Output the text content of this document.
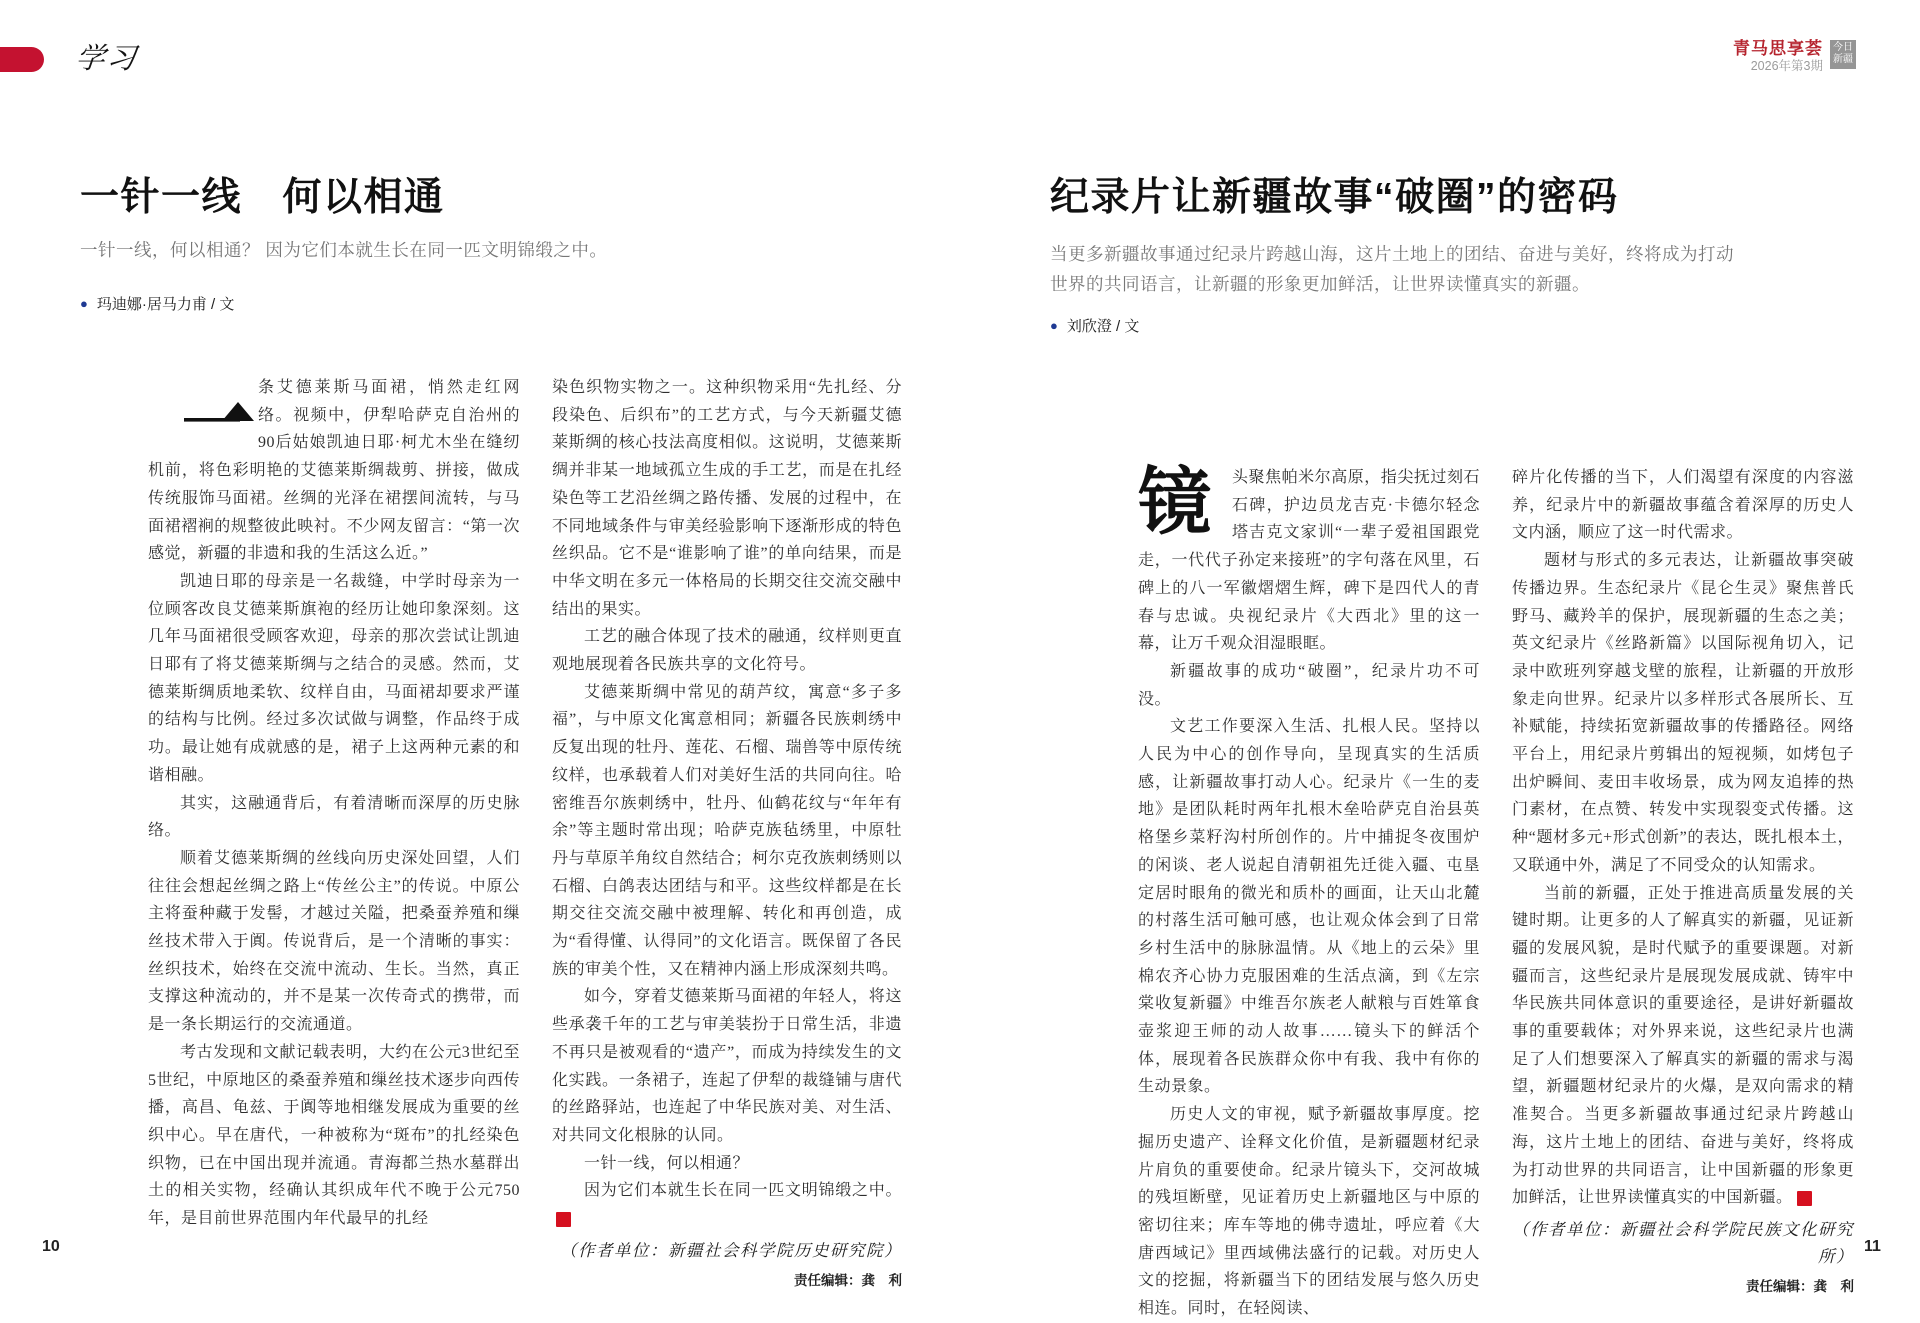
学习	青马思享荟
2026年第3期
今日
新疆
一针一线　何以相通
一针一线，何以相通？ 因为它们本就生长在同一匹文明锦缎之中。
● 玛迪娜·居马力甫 / 文

条艾德莱斯马面裙，悄然走红网络。视频中，伊犁哈萨克自治州的90后姑娘凯迪日耶·柯尤木坐在缝纫机前，将色彩明艳的艾德莱斯绸裁剪、拼接，做成传统服饰马面裙。丝绸的光泽在裙摆间流转，与马面裙褶裥的规整彼此映衬。不少网友留言：“第一次感觉，新疆的非遗和我的生活这么近。”

凯迪日耶的母亲是一名裁缝，中学时母亲为一位顾客改良艾德莱斯旗袍的经历让她印象深刻。这几年马面裙很受顾客欢迎，母亲的那次尝试让凯迪日耶有了将艾德莱斯绸与之结合的灵感。然而，艾德莱斯绸质地柔软、纹样自由，马面裙却要求严谨的结构与比例。经过多次试做与调整，作品终于成功。最让她有成就感的是，裙子上这两种元素的和谐相融。

其实，这融通背后，有着清晰而深厚的历史脉络。

顺着艾德莱斯绸的丝线向历史深处回望，人们往往会想起丝绸之路上“传丝公主”的传说。中原公主将蚕种藏于发髻，才越过关隘，把桑蚕养殖和缫丝技术带入于阗。传说背后，是一个清晰的事实：丝织技术，始终在交流中流动、生长。当然，真正支撑这种流动的，并不是某一次传奇式的携带，而是一条长期运行的交流通道。

考古发现和文献记载表明，大约在公元3世纪至5世纪，中原地区的桑蚕养殖和缫丝技术逐步向西传播，高昌、龟兹、于阗等地相继发展成为重要的丝织中心。早在唐代，一种被称为“斑布”的扎经染色织物，已在中国出现并流通。青海都兰热水墓群出土的相关实物，经确认其织成年代不晚于公元750年，是目前世界范围内年代最早的扎经

染色织物实物之一。这种织物采用“先扎经、分段染色、后织布”的工艺方式，与今天新疆艾德莱斯绸的核心技法高度相似。这说明，艾德莱斯绸并非某一地域孤立生成的手工艺，而是在扎经染色等工艺沿丝绸之路传播、发展的过程中，在不同地域条件与审美经验影响下逐渐形成的特色丝织品。它不是“谁影响了谁”的单向结果，而是中华文明在多元一体格局的长期交往交流交融中结出的果实。

工艺的融合体现了技术的融通，纹样则更直观地展现着各民族共享的文化符号。

艾德莱斯绸中常见的葫芦纹，寓意“多子多福”，与中原文化寓意相同；新疆各民族刺绣中反复出现的牡丹、莲花、石榴、瑞兽等中原传统纹样，也承载着人们对美好生活的共同向往。哈密维吾尔族刺绣中，牡丹、仙鹤花纹与“年年有余”等主题时常出现；哈萨克族毡绣里，中原牡丹与草原羊角纹自然结合；柯尔克孜族刺绣则以石榴、白鸽表达团结与和平。这些纹样都是在长期交往交流交融中被理解、转化和再创造，成为“看得懂、认得同”的文化语言。既保留了各民族的审美个性，又在精神内涵上形成深刻共鸣。

如今，穿着艾德莱斯马面裙的年轻人，将这些承袭千年的工艺与审美装扮于日常生活，非遗不再只是被观看的“遗产”，而成为持续发生的文化实践。一条裙子，连起了伊犁的裁缝铺与唐代的丝路驿站，也连起了中华民族对美、对生活、对共同文化根脉的认同。

一针一线，何以相通？

因为它们本就生长在同一匹文明锦缎之中。J

（作者单位：新疆社会科学院历史研究院）
责任编辑：龚　利
10
纪录片让新疆故事“破圈”的密码
当更多新疆故事通过纪录片跨越山海，这片土地上的团结、奋进与美好，终将成为打动
世界的共同语言，让新疆的形象更加鲜活，让世界读懂真实的新疆。
● 刘欣澄 / 文
镜	头聚焦帕米尔高原，指尖抚过刻石石碑，护边员龙吉克·卡德尔轻念塔吉克文家训“一辈子爱祖国跟党走，一代代子孙定来接班”的字句落在风里，石碑上的八一军徽熠熠生辉，碑下是四代人的青春与忠诚。央视纪录片《大西北》里的这一幕，让万千观众泪湿眼眶。

新疆故事的成功“破圈”，纪录片功不可没。

文艺工作要深入生活、扎根人民。坚持以人民为中心的创作导向，呈现真实的生活质感，让新疆故事打动人心。纪录片《一生的麦地》是团队耗时两年扎根木垒哈萨克自治县英格堡乡菜籽沟村所创作的。片中捕捉冬夜围炉的闲谈、老人说起自清朝祖先迁徙入疆、屯垦定居时眼角的微光和质朴的画面，让天山北麓的村落生活可触可感，也让观众体会到了日常乡村生活中的脉脉温情。从《地上的云朵》里棉农齐心协力克服困难的生活点滴，到《左宗棠收复新疆》中维吾尔族老人献粮与百姓箪食壶浆迎王师的动人故事……镜头下的鲜活个体，展现着各民族群众你中有我、我中有你的生动景象。

历史人文的审视，赋予新疆故事厚度。挖掘历史遗产、诠释文化价值，是新疆题材纪录片肩负的重要使命。纪录片镜头下，交河故城的残垣断壁，见证着历史上新疆地区与中原的密切往来；库车等地的佛寺遗址，呼应着《大唐西域记》里西域佛法盛行的记载。对历史人文的挖掘，将新疆当下的团结发展与悠久历史相连。同时，在轻阅读、

碎片化传播的当下，人们渴望有深度的内容滋养，纪录片中的新疆故事蕴含着深厚的历史人文内涵，顺应了这一时代需求。

题材与形式的多元表达，让新疆故事突破传播边界。生态纪录片《昆仑生灵》聚焦普氏野马、藏羚羊的保护，展现新疆的生态之美；英文纪录片《丝路新篇》以国际视角切入，记录中欧班列穿越戈壁的旅程，让新疆的开放形象走向世界。纪录片以多样形式各展所长、互补赋能，持续拓宽新疆故事的传播路径。网络平台上，用纪录片剪辑出的短视频，如烤包子出炉瞬间、麦田丰收场景，成为网友追捧的热门素材，在点赞、转发中实现裂变式传播。这种“题材多元+形式创新”的表达，既扎根本土，又联通中外，满足了不同受众的认知需求。

当前的新疆，正处于推进高质量发展的关键时期。让更多的人了解真实的新疆，见证新疆的发展风貌，是时代赋予的重要课题。对新疆而言，这些纪录片是展现发展成就、铸牢中华民族共同体意识的重要途径，是讲好新疆故事的重要载体；对外界来说，这些纪录片也满足了人们想要深入了解真实的新疆的需求与渴望，新疆题材纪录片的火爆，是双向需求的精准契合。当更多新疆故事通过纪录片跨越山海，这片土地上的团结、奋进与美好，终将成为打动世界的共同语言，让中国新疆的形象更加鲜活，让世界读懂真实的中国新疆。	J

（作者单位：新疆社会科学院民族文化研究所）
责任编辑：龚　利
11
